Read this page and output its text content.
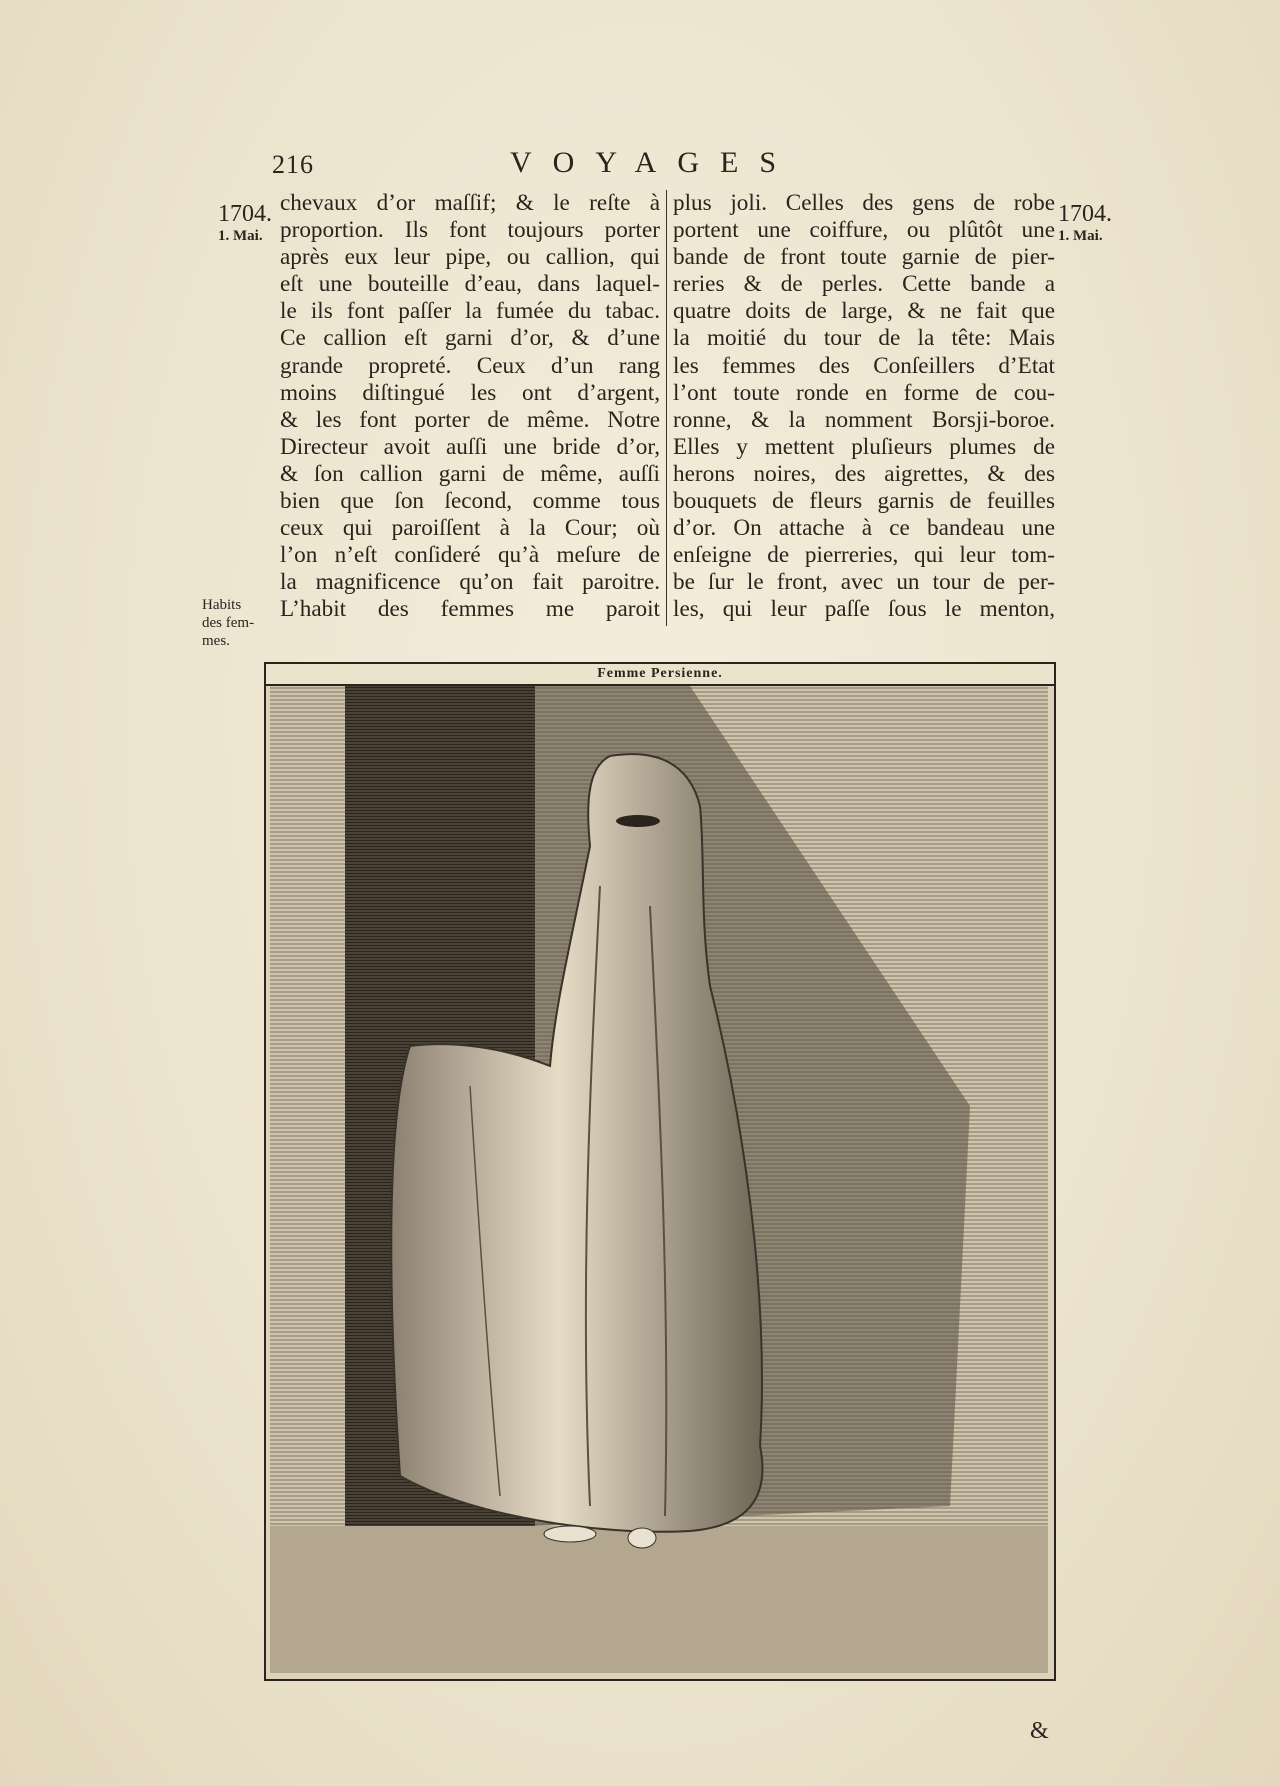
216	VOYAGES
1704.
1. Mai.
1704.
1. Mai.
Habits
des fem-
mes.
chevaux d’or maſſif; & le reſte à
proportion. Ils font toujours porter
après eux leur pipe, ou callion, qui
eſt une bouteille d’eau, dans laquel-
le ils font paſſer la fumée du tabac.
Ce callion eſt garni d’or, & d’une
grande propreté. Ceux d’un rang
moins diſtingué les ont d’argent,
& les font porter de même. Notre
Directeur avoit auſſi une bride d’or,
& ſon callion garni de même, auſſi
bien que ſon ſecond, comme tous
ceux qui paroiſſent à la Cour; où
l’on n’eſt conſideré qu’à meſure de
la magnificence qu’on fait paroitre.
L’habit des femmes me paroit
plus joli. Celles des gens de robe
portent une coiffure, ou plûtôt une
bande de front toute garnie de pier-
reries & de perles. Cette bande a
quatre doits de large, & ne fait que
la moitié du tour de la tête: Mais
les femmes des Conſeillers d’Etat
l’ont toute ronde en forme de cou-
ronne, & la nomment Borsji-boroe.
Elles y mettent pluſieurs plumes de
herons noires, des aigrettes, & des
bouquets de fleurs garnis de feuilles
d’or. On attache à ce bandeau une
enſeigne de pierreries, qui leur tom-
be ſur le front, avec un tour de per-
les, qui leur paſſe ſous le menton,
Femme Persienne.
&
